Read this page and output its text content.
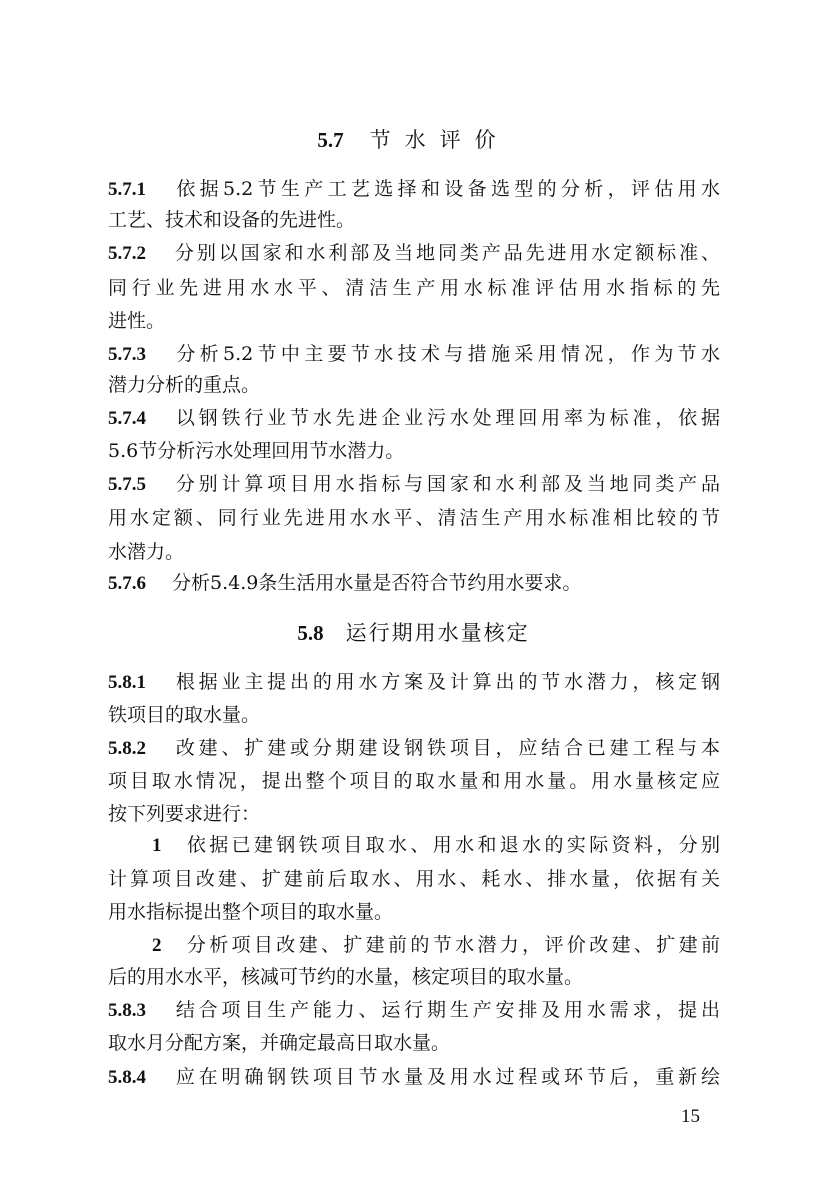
5.7 节水评价
5.7.1 依据5.2节生产工艺选择和设备选型的分析，评估用水
工艺、技术和设备的先进性。
5.7.2 分别以国家和水利部及当地同类产品先进用水定额标准、
同行业先进用水水平、清洁生产用水标准评估用水指标的先
进性。
5.7.3 分析5.2节中主要节水技术与措施采用情况，作为节水
潜力分析的重点。
5.7.4 以钢铁行业节水先进企业污水处理回用率为标准，依据
5.6节分析污水处理回用节水潜力。
5.7.5 分别计算项目用水指标与国家和水利部及当地同类产品
用水定额、同行业先进用水水平、清洁生产用水标准相比较的节
水潜力。
5.7.6 分析5.4.9条生活用水量是否符合节约用水要求。
5.8 运行期用水量核定
5.8.1 根据业主提出的用水方案及计算出的节水潜力，核定钢
铁项目的取水量。
5.8.2 改建、扩建或分期建设钢铁项目，应结合已建工程与本
项目取水情况，提出整个项目的取水量和用水量。用水量核定应
按下列要求进行：
1 依据已建钢铁项目取水、用水和退水的实际资料，分别
计算项目改建、扩建前后取水、用水、耗水、排水量，依据有关
用水指标提出整个项目的取水量。
2 分析项目改建、扩建前的节水潜力，评价改建、扩建前
后的用水水平，核减可节约的水量，核定项目的取水量。
5.8.3 结合项目生产能力、运行期生产安排及用水需求，提出
取水月分配方案，并确定最高日取水量。
5.8.4 应在明确钢铁项目节水量及用水过程或环节后，重新绘
15
